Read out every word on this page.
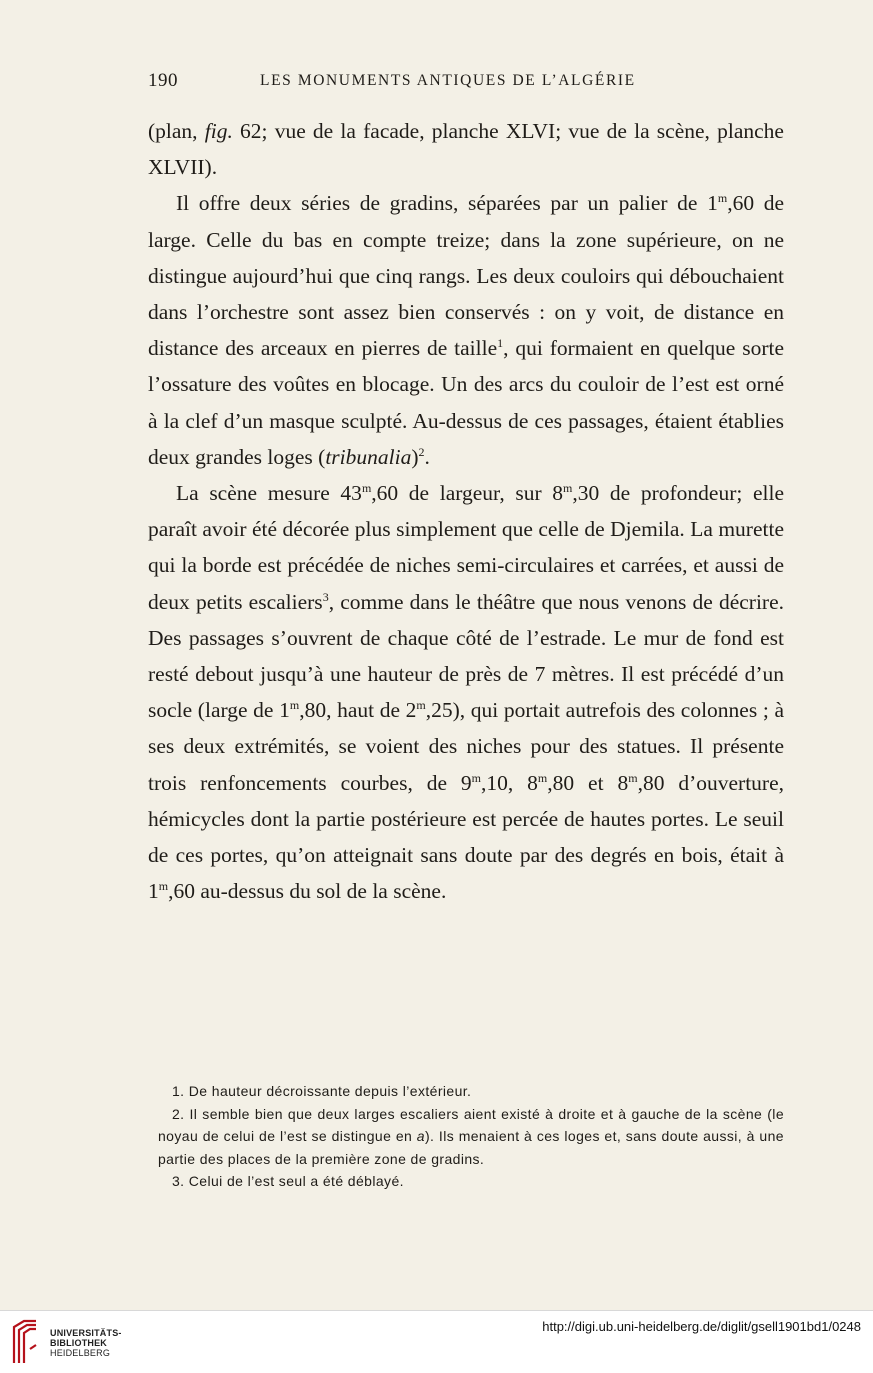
190	LES MONUMENTS ANTIQUES DE L’ALGÉRIE

(plan, fig. 62; vue de la facade, planche XLVI; vue de la scène, planche XLVII).

Il offre deux séries de gradins, séparées par un palier de 1$^m$,60 de large. Celle du bas en compte treize; dans la zone supérieure, on ne distingue aujourd’hui que cinq rangs. Les deux couloirs qui débouchaient dans l’orchestre sont assez bien conservés : on y voit, de distance en distance des arceaux en pierres de taille$^1$, qui formaient en quelque sorte l’ossature des voûtes en blocage. Un des arcs du couloir de l’est est orné à la clef d’un masque sculpté. Au-dessus de ces passages, étaient établies deux grandes loges (tribunalia)$^2$.

La scène mesure 43$^m$,60 de largeur, sur 8$^m$,30 de profondeur; elle paraît avoir été décorée plus simplement que celle de Djemila. La murette qui la borde est précédée de niches semi-circulaires et carrées, et aussi de deux petits escaliers$^3$, comme dans le théâtre que nous venons de décrire. Des passages s’ouvrent de chaque côté de l’estrade. Le mur de fond est resté debout jusqu’à une hauteur de près de 7 mètres. Il est précédé d’un socle (large de 1$^m$,80, haut de 2$^m$,25), qui portait autrefois des colonnes ; à ses deux extrémités, se voient des niches pour des statues. Il présente trois renfoncements courbes, de 9$^m$,10, 8$^m$,80 et 8$^m$,80 d’ouverture, hémicycles dont la partie postérieure est percée de hautes portes. Le seuil de ces portes, qu’on atteignait sans doute par des degrés en bois, était à 1$^m$,60 au-dessus du sol de la scène.

1. De hauteur décroissante depuis l’extérieur.

2. Il semble bien que deux larges escaliers aient existé à droite et à gauche de la scène (le noyau de celui de l’est se distingue en a). Ils menaient à ces loges et, sans doute aussi, à une partie des places de la première zone de gradins.

3. Celui de l’est seul a été déblayé.

UNIVERSITÄTS-
BIBLIOTHEK
HEIDELBERG
http://digi.ub.uni-heidelberg.de/diglit/gsell1901bd1/0248
